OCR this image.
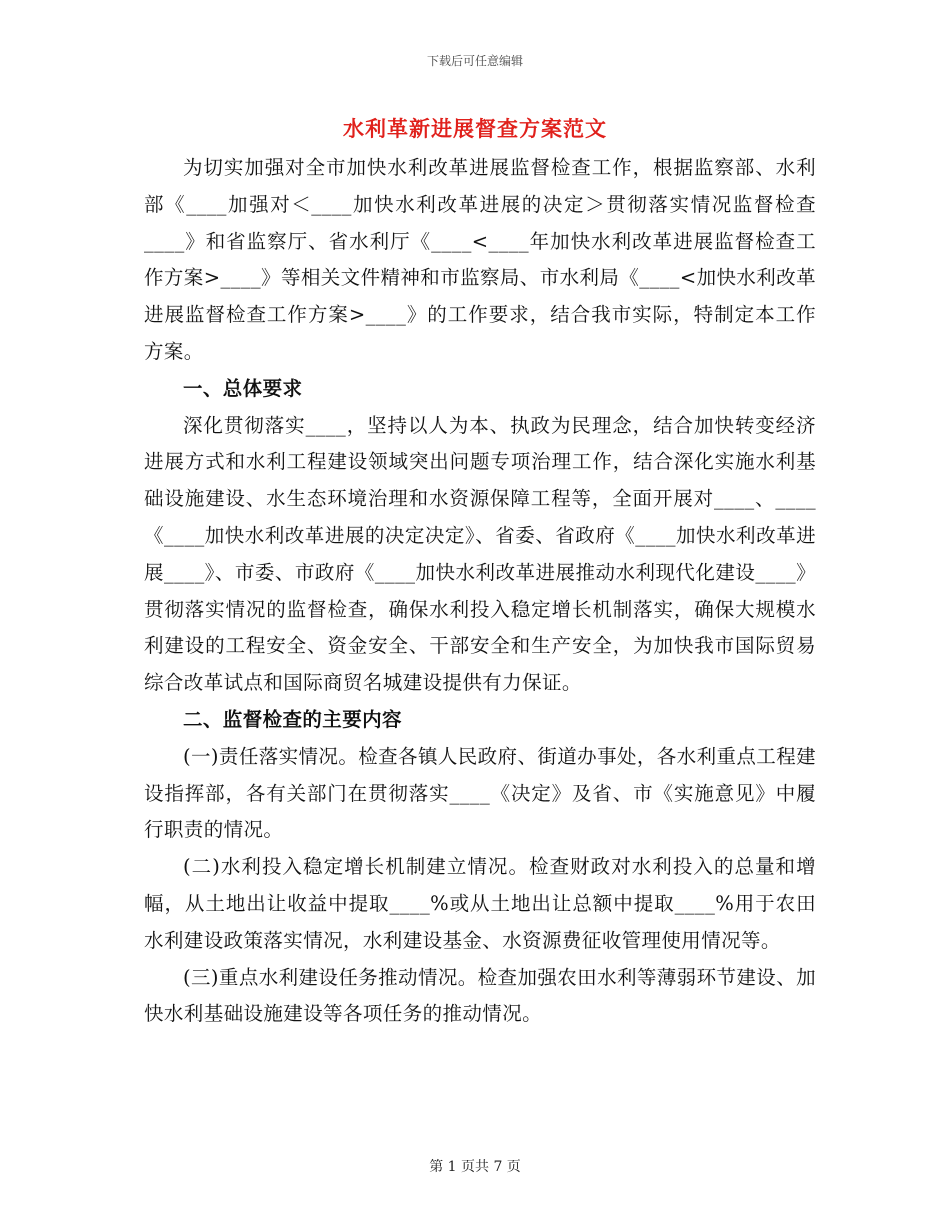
下载后可任意编辑
水利革新进展督查方案范文

为切实加强对全市加快水利改革进展监督检查工作，根据监察部、水利部《____加强对＜____加快水利改革进展的决定＞贯彻落实情况监督检查____》和省监察厅、省水利厅《____<____年加快水利改革进展监督检查工作方案>____》等相关文件精神和市监察局、市水利局《____<加快水利改革进展监督检查工作方案>____》的工作要求，结合我市实际，特制定本工作方案。

一、总体要求

深化贯彻落实____，坚持以人为本、执政为民理念，结合加快转变经济进展方式和水利工程建设领域突出问题专项治理工作，结合深化实施水利基础设施建设、水生态环境治理和水资源保障工程等，全面开展对____、____《____加快水利改革进展的决定决定》、省委、省政府《____加快水利改革进展____》、市委、市政府《____加快水利改革进展推动水利现代化建设____》贯彻落实情况的监督检查，确保水利投入稳定增长机制落实，确保大规模水利建设的工程安全、资金安全、干部安全和生产安全，为加快我市国际贸易综合改革试点和国际商贸名城建设提供有力保证。

二、监督检查的主要内容

(一)责任落实情况。检查各镇人民政府、街道办事处，各水利重点工程建设指挥部，各有关部门在贯彻落实____《决定》及省、市《实施意见》中履行职责的情况。

(二)水利投入稳定增长机制建立情况。检查财政对水利投入的总量和增幅，从土地出让收益中提取____%或从土地出让总额中提取____%用于农田水利建设政策落实情况，水利建设基金、水资源费征收管理使用情况等。

(三)重点水利建设任务推动情况。检查加强农田水利等薄弱环节建设、加快水利基础设施建设等各项任务的推动情况。

第 1 页共 7 页
